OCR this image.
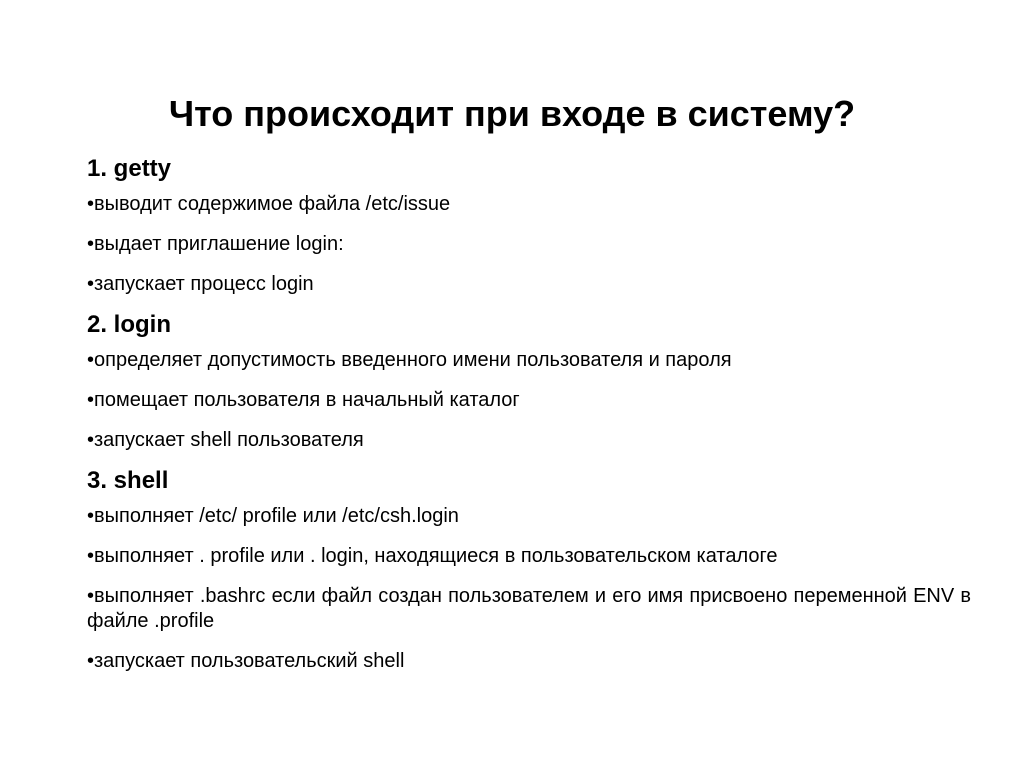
Что происходит при входе в систему?

1. getty

•выводит содержимое файла /etc/issue

•выдает приглашение login:

•запускает процесс login

2. login

•определяет допустимость введенного имени пользователя и пароля

•помещает пользователя в начальный каталог

•запускает shell пользователя

3. shell

•выполняет /etc/ profile или /etc/csh.login

•выполняет . profile или . login, находящиеся в пользовательском каталоге

•выполняет .bashrc если файл создан пользователем и его имя присвоено переменной ENV в файле .profile

•запускает пользовательский shell
